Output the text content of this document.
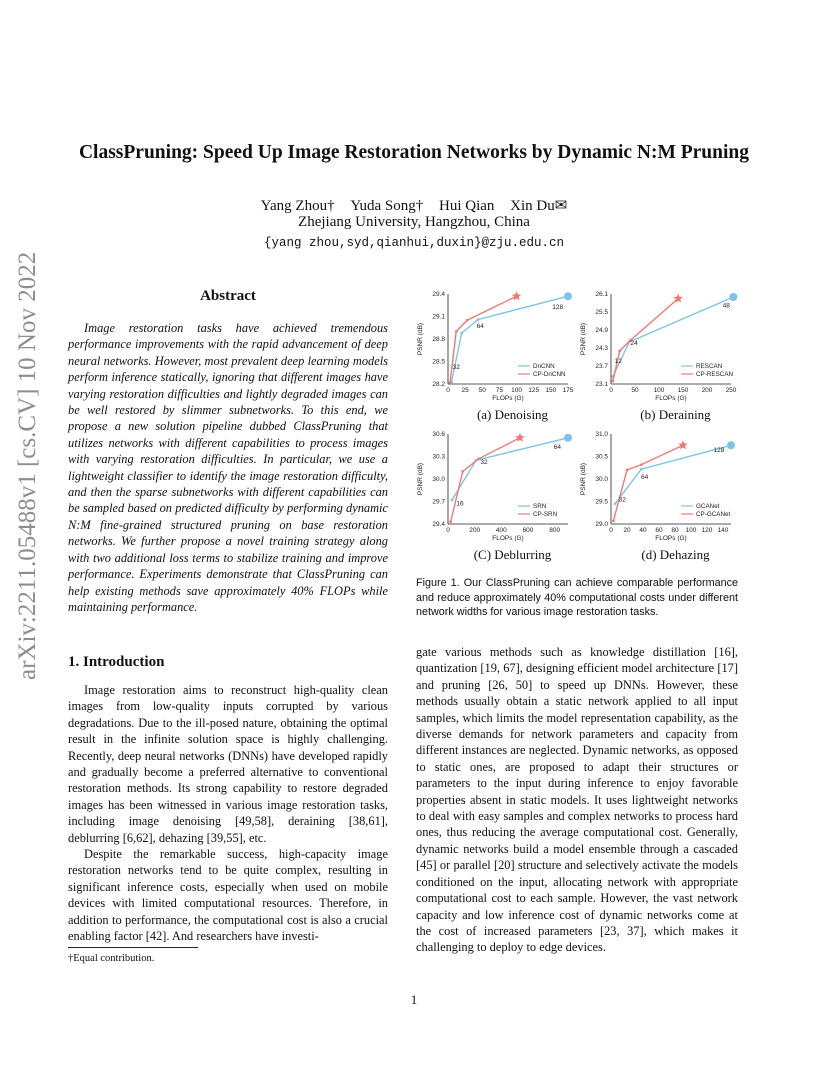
ClassPruning: Speed Up Image Restoration Networks by Dynamic N:M Pruning
Yang Zhou† Yuda Song† Hui Qian Xin Du✉
Zhejiang University, Hangzhou, China
{yang zhou,syd,qianhui,duxin}@zju.edu.cn
arXiv:2211.05488v1 [cs.CV] 10 Nov 2022	Abstract
Image restoration tasks have achieved tremendous performance improvements with the rapid advancement of deep neural networks. However, most prevalent deep learning models perform inference statically, ignoring that different images have varying restoration difficulties and lightly degraded images can be well restored by slimmer subnetworks. To this end, we propose a new solution pipeline dubbed ClassPruning that utilizes networks with different capabilities to process images with varying restoration difficulties. In particular, we use a lightweight classifier to identify the image restoration difficulty, and then the sparse subnetworks with different capabilities can be sampled based on predicted difficulty by performing dynamic N:M fine-grained structured pruning on base restoration networks. We further propose a novel training strategy along with two additional loss terms to stabilize training and improve performance. Experiments demonstrate that ClassPruning can help existing methods save approximately 40% FLOPs while maintaining performance.
1. Introduction
Image restoration aims to reconstruct high-quality clean images from low-quality inputs corrupted by various degradations. Due to the ill-posed nature, obtaining the optimal result in the infinite solution space is highly challenging. Recently, deep neural networks (DNNs) have developed rapidly and gradually become a preferred alternative to conventional restoration methods. Its strong capability to restore degraded images has been witnessed in various image restoration tasks, including image denoising [49,58], deraining [38,61], deblurring [6,62], dehazing [39,55], etc.
Despite the remarkable success, high-capacity image restoration networks tend to be quite complex, resulting in significant inference costs, especially when used on mobile devices with limited computational resources. Therefore, in addition to performance, the computational cost is also a crucial enabling factor [42]. And researchers have investi-
†Equal contribution.
0 25 50 75 100 125 150 175
28.2
28.5
28.8
29.1
29.4
FLOPs (G)
PSNR (dB)
32
64
128
DnCNN
CP-DnCNN
0	50 100 150 200 250
23.1
23.7
24.3
24.9
25.5
26.1
FLOPs (G)
PSNR (dB)
12
24
48
RESCAN
CP-RESCAN
(a) Denoising	(b) Deraining
0	200 400 600 800
29.4
29.7
30.0
30.3
30.6
FLOPs (G)
PSNR (dB)
16
32
64
SRN
CP-SRN
0 20 40 60 80 100 120 140
29.0
29.5
30.0
30.5
31.0
FLOPs (G)
PSNR (dB)
32
64
128
GCANet
CP-GCANet
(C) Deblurring	(d) Dehazing
Figure 1. Our ClassPruning can achieve comparable performance and reduce approximately 40% computational costs under different network widths for various image restoration tasks.
gate various methods such as knowledge distillation [16], quantization [19, 67], designing efficient model architecture [17] and pruning [26, 50] to speed up DNNs. However, these methods usually obtain a static network applied to all input samples, which limits the model representation capability, as the diverse demands for network parameters and capacity from different instances are neglected. Dynamic networks, as opposed to static ones, are proposed to adapt their structures or parameters to the input during inference to enjoy favorable properties absent in static models. It uses lightweight networks to deal with easy samples and complex networks to process hard ones, thus reducing the average computational cost. Generally, dynamic networks build a model ensemble through a cascaded [45] or parallel [20] structure and selectively activate the models conditioned on the input, allocating network with appropriate computational cost to each sample. However, the vast network capacity and low inference cost of dynamic networks come at the cost of increased parameters [23, 37], which makes it challenging to deploy to edge devices.
1
